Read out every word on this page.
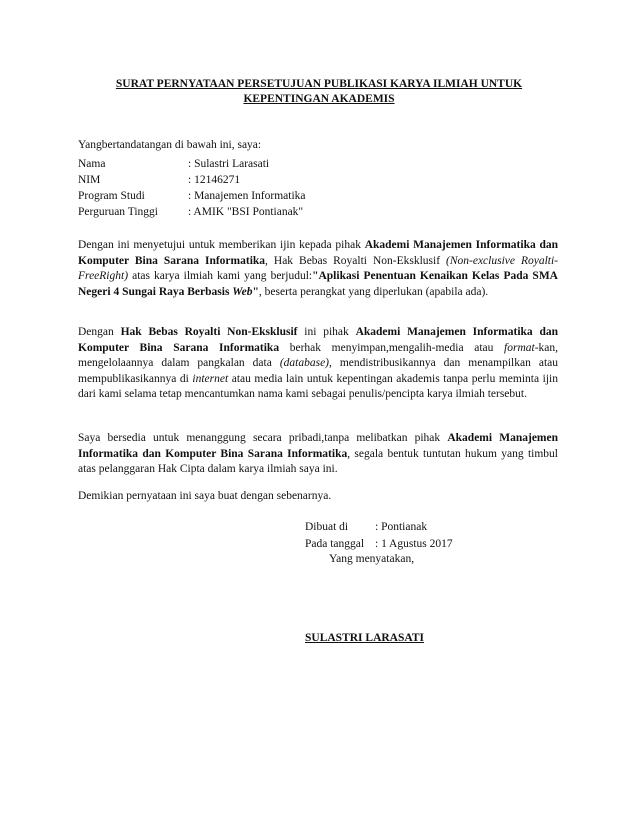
SURAT PERNYATAAN PERSETUJUAN PUBLIKASI KARYA ILMIAH UNTUK
KEPENTINGAN AKADEMIS
Yangbertandatangan di bawah ini, saya:
Nama	: Sulastri Larasati
NIM	: 12146271
Program Studi	: Manajemen Informatika
Perguruan Tinggi	: AMIK "BSI Pontianak"

Dengan ini menyetujui untuk memberikan ijin kepada pihak Akademi Manajemen Informatika dan Komputer Bina Sarana Informatika, Hak Bebas Royalti Non-Eksklusif (Non-exclusive Royalti-FreeRight) atas karya ilmiah kami yang berjudul:"Aplikasi Penentuan Kenaikan Kelas Pada SMA Negeri 4 Sungai Raya Berbasis Web", beserta perangkat yang diperlukan (apabila ada).

Dengan Hak Bebas Royalti Non-Eksklusif ini pihak Akademi Manajemen Informatika dan Komputer Bina Sarana Informatika berhak menyimpan,mengalih-media atau format-kan, mengelolaannya dalam pangkalan data (database), mendistribusikannya dan menampilkan atau mempublikasikannya di internet atau media lain untuk kepentingan akademis tanpa perlu meminta ijin dari kami selama tetap mencantumkan nama kami sebagai penulis/pencipta karya ilmiah tersebut.

Saya bersedia untuk menanggung secara pribadi,tanpa melibatkan pihak Akademi Manajemen Informatika dan Komputer Bina Sarana Informatika, segala bentuk tuntutan hukum yang timbul atas pelanggaran Hak Cipta dalam karya ilmiah saya ini.

Demikian pernyataan ini saya buat dengan sebenarnya.

Dibuat di : Pontianak
Pada tanggal : 1 Agustus 2017
Yang menyatakan,
SULASTRI LARASATI
